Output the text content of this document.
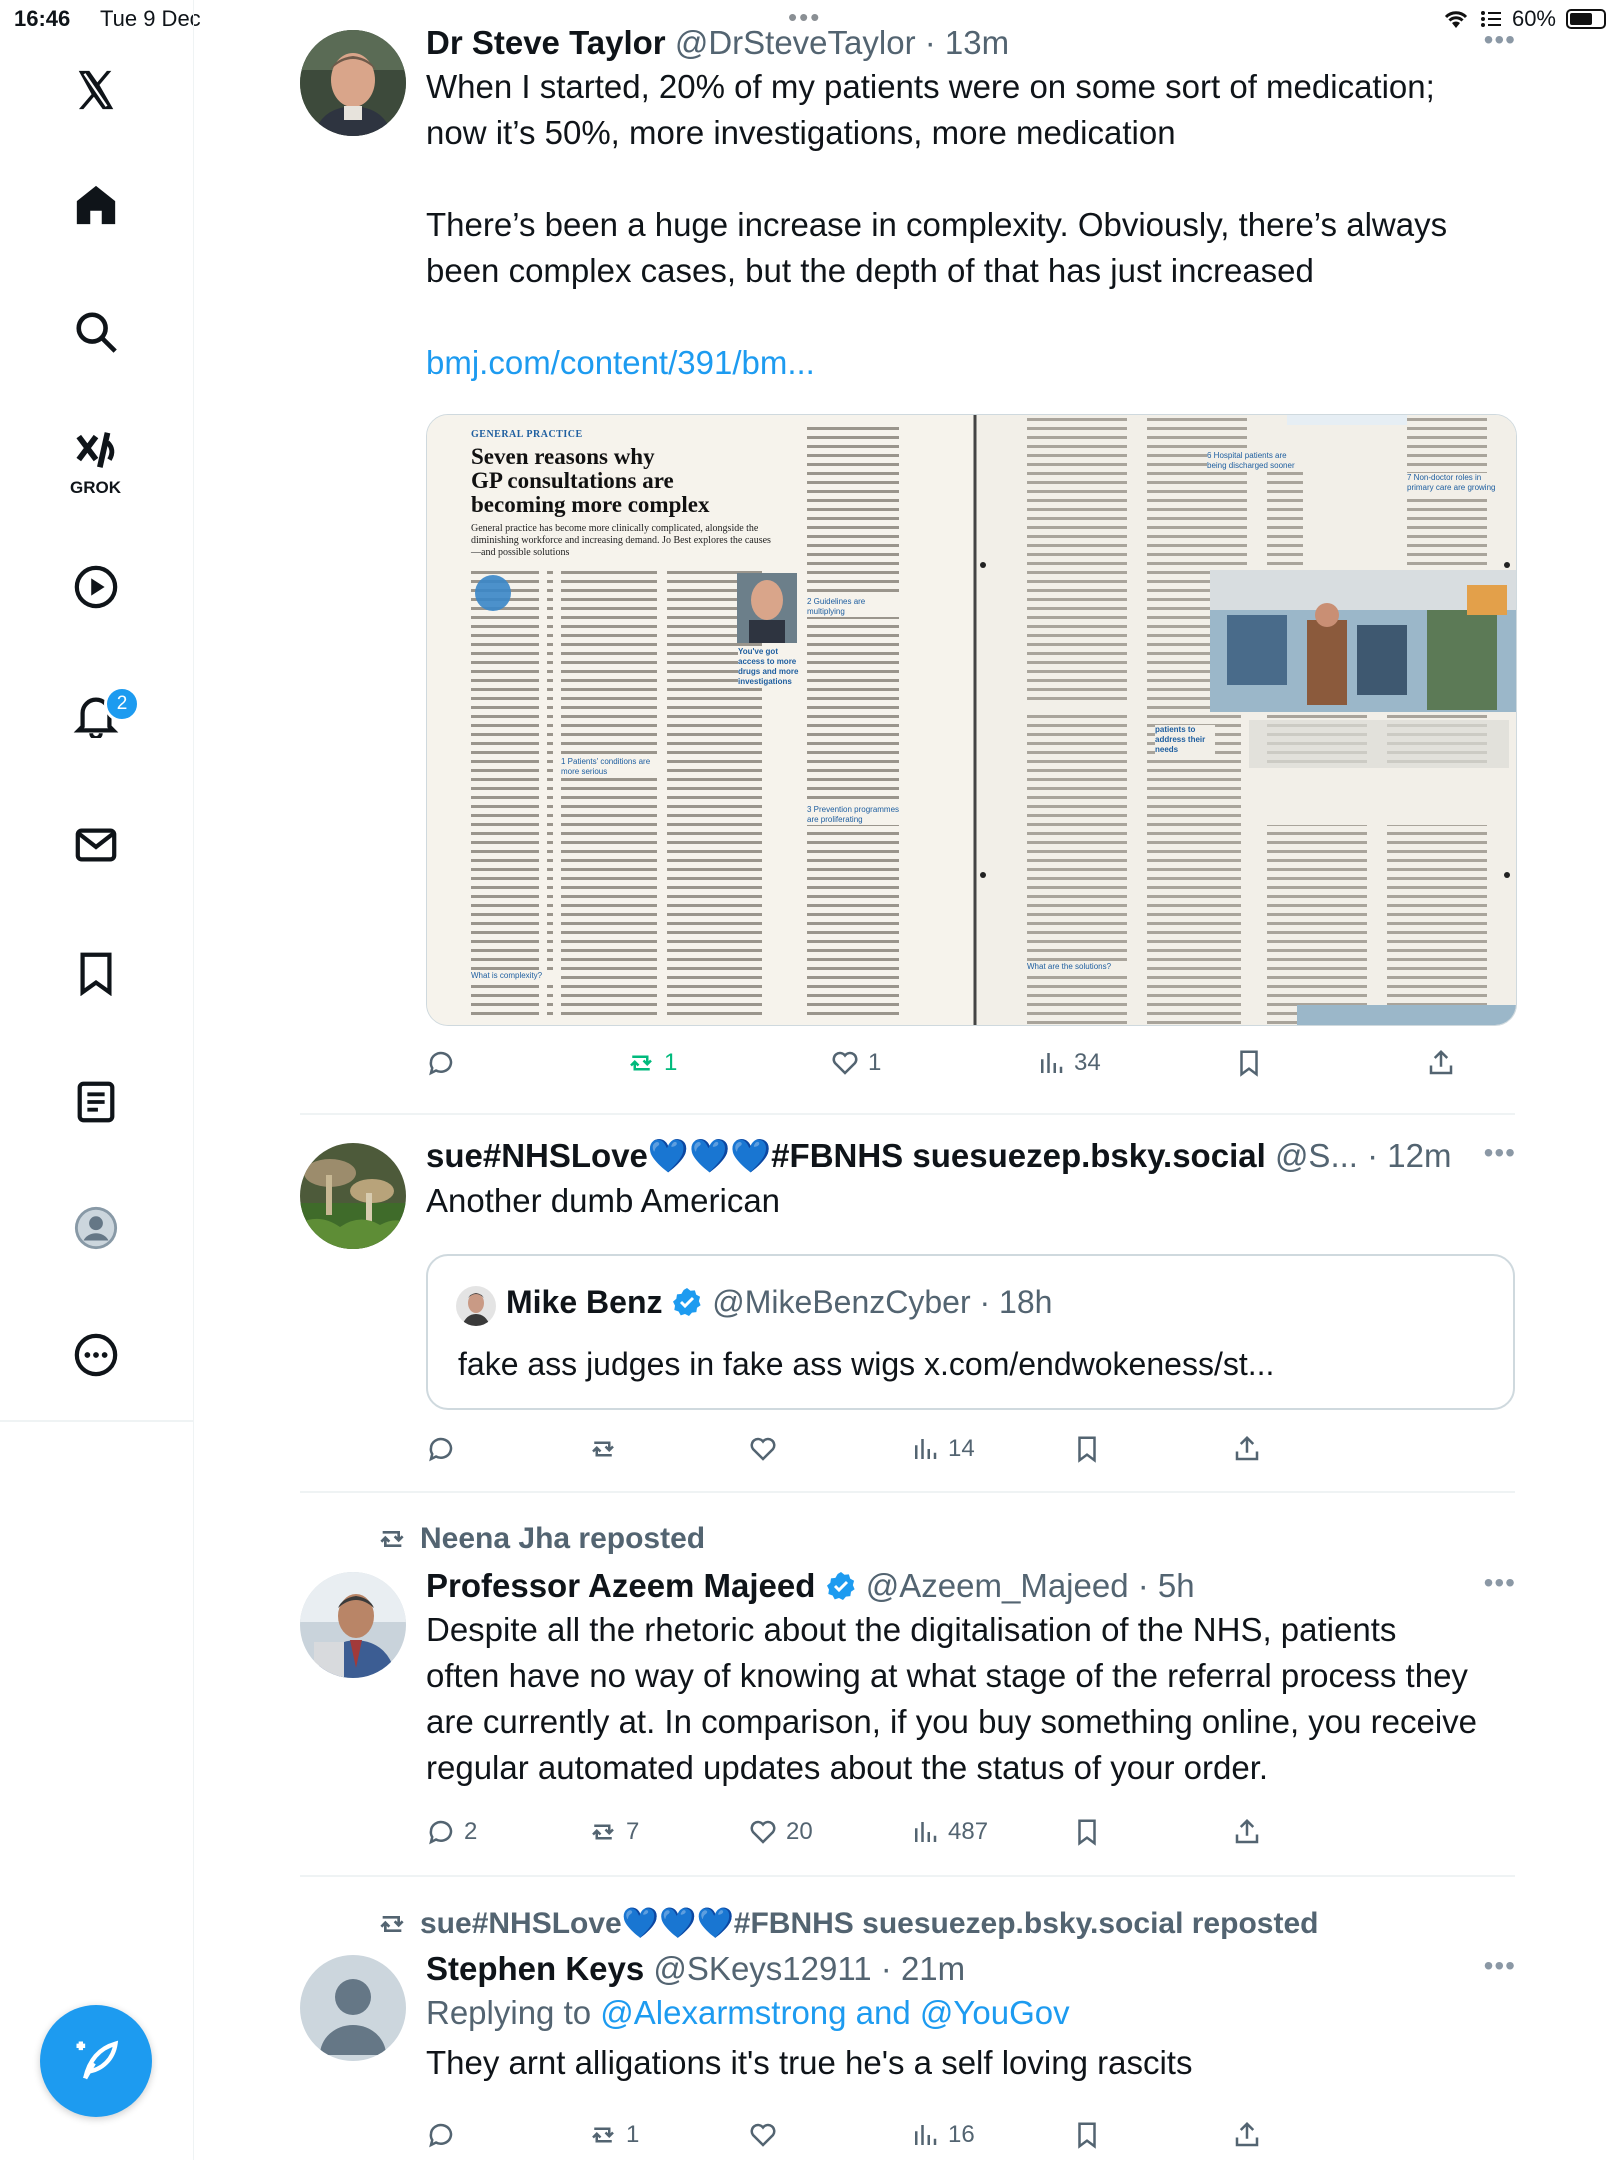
16:46 Tue 9 Dec	•••	60%
GROK
2
Dr Steve Taylor @DrSteveTaylor · 13m	•••
When I started, 20% of my patients were on some sort of medication;
now it’s 50%, more investigations, more medication
There’s been a huge increase in complexity. Obviously, there’s always
been complex cases, but the depth of that has just increased
bmj.com/content/391/bm...
GENERAL PRACTICE
Seven reasons why
GP consultations are
becoming more complex
General practice has become more clinically complicated, alongside the diminishing workforce and increasing demand. Jo Best explores the causes—and possible solutions
You've got access to more drugs and more investigations
patients to address their needs
1 Patients' conditions are more serious
2 Guidelines are multiplying
3 Prevention programmes are proliferating
6 Hospital patients are being discharged sooner
7 Non-doctor roles in primary care are growing
What is complexity?
What are the solutions?
1	1	34
sue#NHSLove💙💙💙#FBNHS suesuezep.bsky.social @S... · 12m •••
Another dumb American
Mike Benz @MikeBenzCyber · 18h
fake ass judges in fake ass wigs x.com/endwokeness/st...
14
Neena Jha reposted
Professor Azeem Majeed @Azeem_Majeed · 5h	•••
Despite all the rhetoric about the digitalisation of the NHS, patients
often have no way of knowing at what stage of the referral process they
are currently at. In comparison, if you buy something online, you receive
regular automated updates about the status of your order.
2	7	20	487
sue#NHSLove💙💙💙#FBNHS suesuezep.bsky.social reposted
Stephen Keys @SKeys12911 · 21m	•••
Replying to @Alexarmstrong and @YouGov
They arnt alligations it's true he's a self loving rascits
1	16
